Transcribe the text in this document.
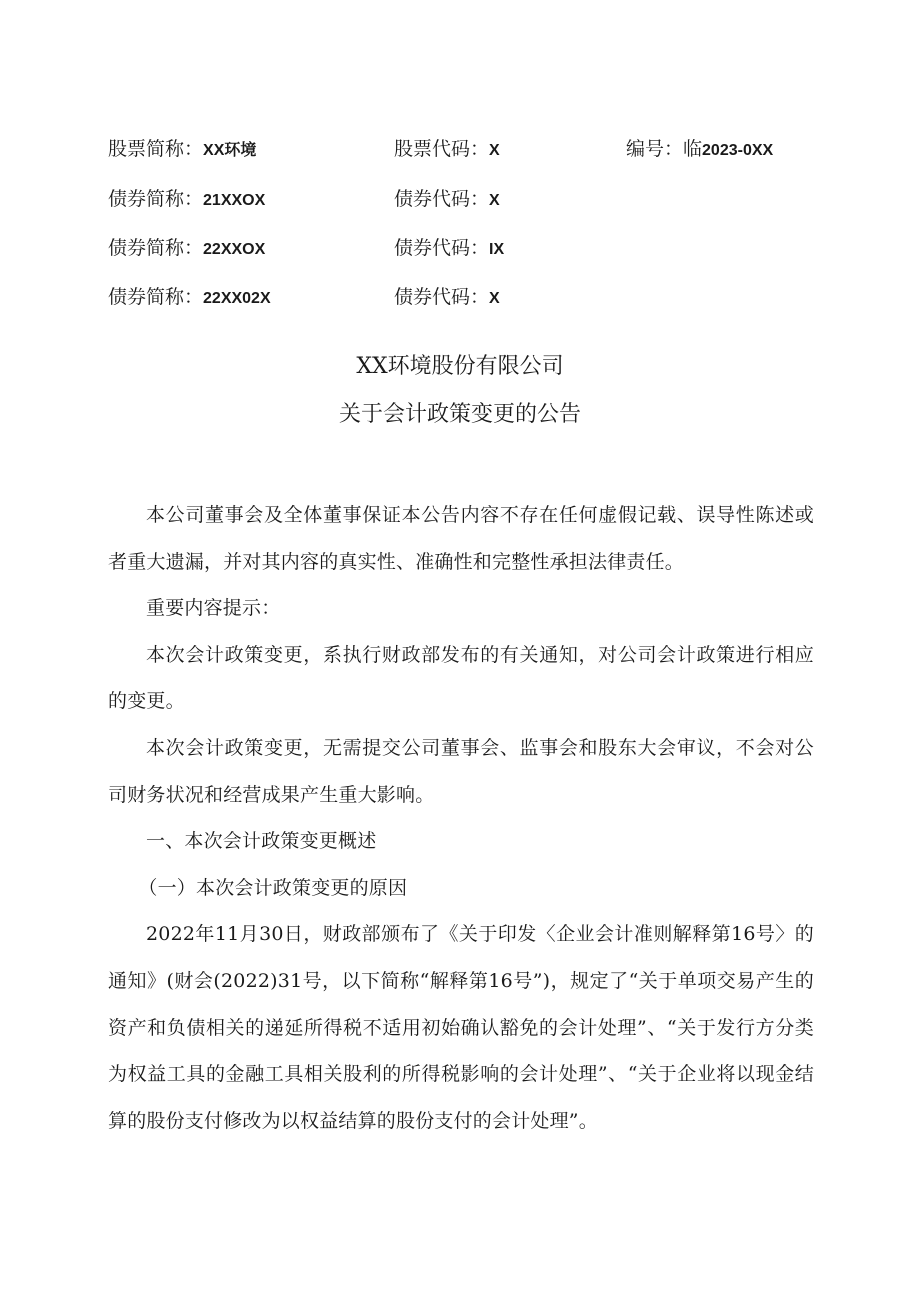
股票简称：XX环境	股票代码：X	编号：临2023-0XX
债券简称：21XXOX	债券代码：X
债券简称：22XXOX	债券代码：IX
债券简称：22XX02X	债券代码：X
XX环境股份有限公司
关于会计政策变更的公告

本公司董事会及全体董事保证本公告内容不存在任何虚假记载、误导性陈述或者重大遗漏，并对其内容的真实性、准确性和完整性承担法律责任。

重要内容提示：

本次会计政策变更，系执行财政部发布的有关通知，对公司会计政策进行相应的变更。

本次会计政策变更，无需提交公司董事会、监事会和股东大会审议，不会对公司财务状况和经营成果产生重大影响。

一、本次会计政策变更概述

（一）本次会计政策变更的原因

2022年11月30日，财政部颁布了《关于印发〈企业会计准则解释第16号〉的通知》(财会(2022)31号，以下简称“解释第16号”)，规定了“关于单项交易产生的资产和负债相关的递延所得税不适用初始确认豁免的会计处理”、“关于发行方分类为权益工具的金融工具相关股利的所得税影响的会计处理”、“关于企业将以现金结算的股份支付修改为以权益结算的股份支付的会计处理”。
